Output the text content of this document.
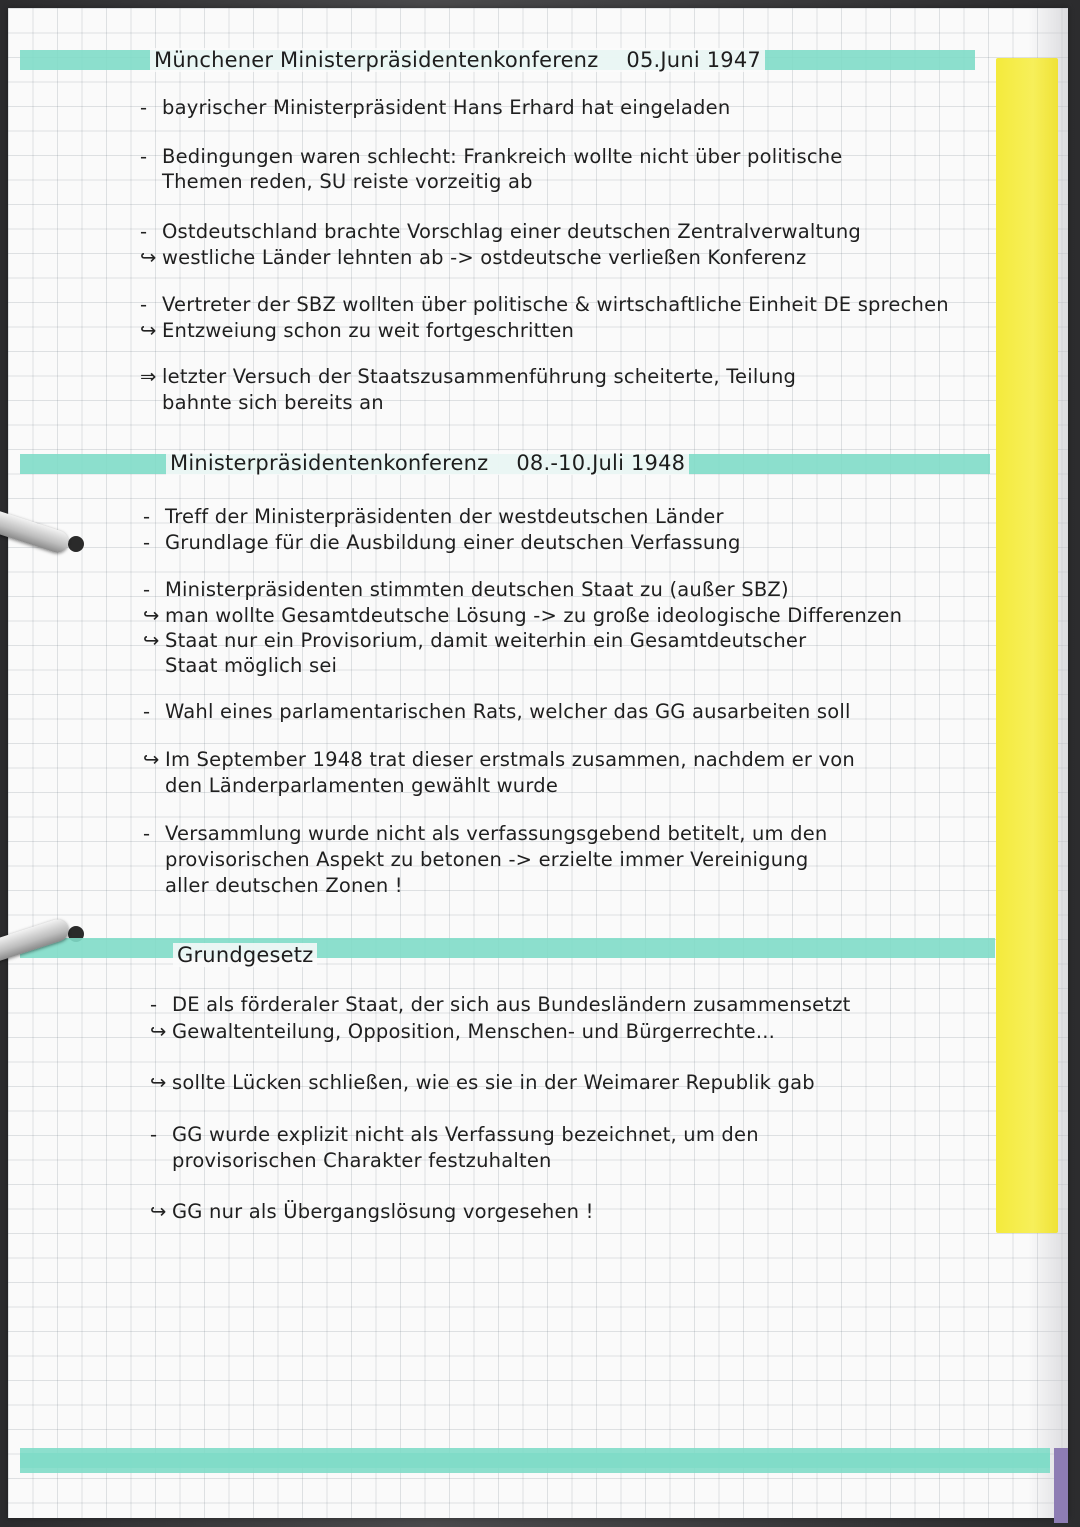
Münchener Ministerpräsidentenkonferenz 05.Juni 1947
- bayrischer Ministerpräsident Hans Erhard hat eingeladen
- Bedingungen waren schlecht: Frankreich wollte nicht über politische
Themen reden, SU reiste vorzeitig ab
- Ostdeutschland brachte Vorschlag einer deutschen Zentralverwaltung
↪ westliche Länder lehnten ab -> ostdeutsche verließen Konferenz
- Vertreter der SBZ wollten über politische & wirtschaftliche Einheit DE sprechen
↪ Entzweiung schon zu weit fortgeschritten
⇒ letzter Versuch der Staatszusammenführung scheiterte, Teilung
bahnte sich bereits an
Ministerpräsidentenkonferenz 08.-10.Juli 1948
- Treff der Ministerpräsidenten der westdeutschen Länder
- Grundlage für die Ausbildung einer deutschen Verfassung
- Ministerpräsidenten stimmten deutschen Staat zu (außer SBZ)
↪ man wollte Gesamtdeutsche Lösung -> zu große ideologische Differenzen
↪ Staat nur ein Provisorium, damit weiterhin ein Gesamtdeutscher
Staat möglich sei
- Wahl eines parlamentarischen Rats, welcher das GG ausarbeiten soll
↪ Im September 1948 trat dieser erstmals zusammen, nachdem er von
den Länderparlamenten gewählt wurde
- Versammlung wurde nicht als verfassungsgebend betitelt, um den
provisorischen Aspekt zu betonen -> erzielte immer Vereinigung
aller deutschen Zonen !
Grundgesetz
- DE als förderaler Staat, der sich aus Bundesländern zusammensetzt
↪ Gewaltenteilung, Opposition, Menschen- und Bürgerrechte...
↪ sollte Lücken schließen, wie es sie in der Weimarer Republik gab
- GG wurde explizit nicht als Verfassung bezeichnet, um den
provisorischen Charakter festzuhalten
↪ GG nur als Übergangslösung vorgesehen !
